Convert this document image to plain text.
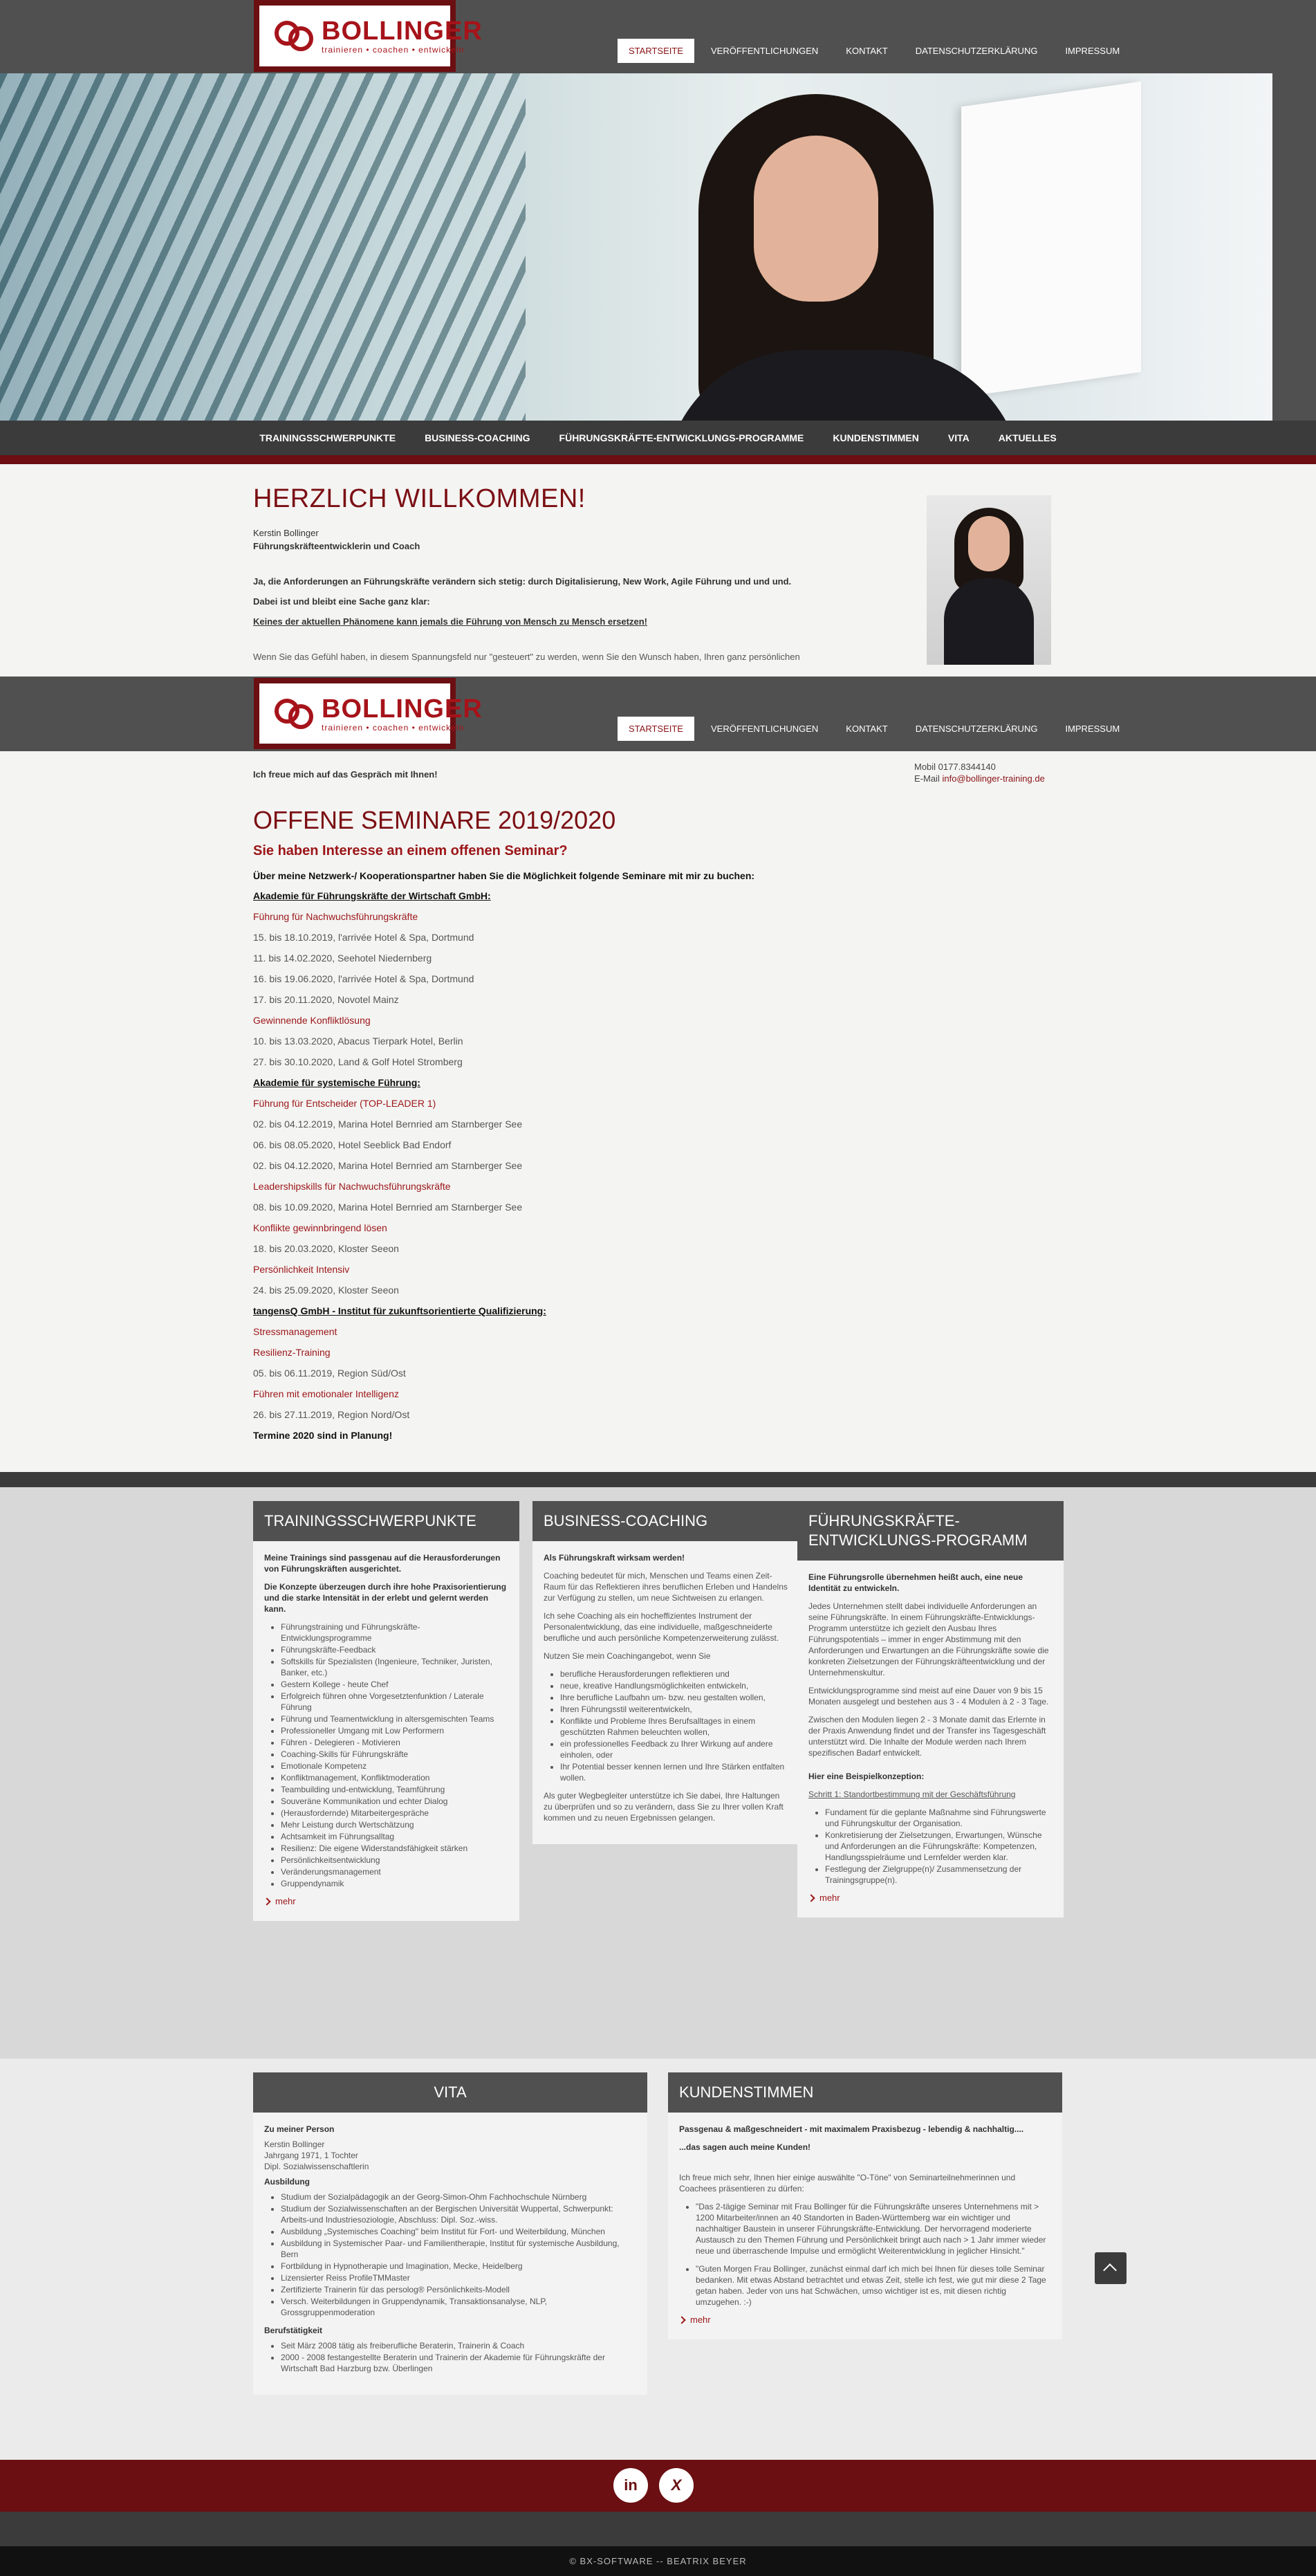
BOLLINGER
trainieren • coachen • entwickeln	STARTSEITE	VERÖFFENTLICHUNGEN	KONTAKT	DATENSCHUTZERKLÄRUNG	IMPRESSUM
TRAININGSSCHWERPUNKTE	BUSINESS-COACHING	FÜHRUNGSKRÄFTE-ENTWICKLUNGS-PROGRAMME	KUNDENSTIMMEN	VITA	AKTUELLES
HERZLICH WILLKOMMEN!
Kerstin Bollinger
Führungskräfteentwicklerin und Coach
Ja, die Anforderungen an Führungskräfte verändern sich stetig: durch Digitalisierung, New Work, Agile Führung und und und.
Dabei ist und bleibt eine Sache ganz klar:
Keines der aktuellen Phänomene kann jemals die Führung von Mensch zu Mensch ersetzen!
Wenn Sie das Gefühl haben, in diesem Spannungsfeld nur "gesteuert" zu werden, wenn Sie den Wunsch haben, Ihren ganz persönlichen
BOLLINGER
trainieren • coachen • entwickeln	STARTSEITE	VERÖFFENTLICHUNGEN	KONTAKT	DATENSCHUTZERKLÄRUNG	IMPRESSUM
Ich freue mich auf das Gespräch mit Ihnen!
Mobil 0177.8344140
E-Mail info@bollinger-training.de
OFFENE SEMINARE 2019/2020
Sie haben Interesse an einem offenen Seminar?
Über meine Netzwerk-/ Kooperationspartner haben Sie die Möglichkeit folgende Seminare mit mir zu buchen:
Akademie für Führungskräfte der Wirtschaft GmbH:
Führung für Nachwuchsführungskräfte
15. bis 18.10.2019, l'arrivée Hotel & Spa, Dortmund
11. bis 14.02.2020, Seehotel Niedernberg
16. bis 19.06.2020, l'arrivée Hotel & Spa, Dortmund
17. bis 20.11.2020, Novotel Mainz
Gewinnende Konfliktlösung
10. bis 13.03.2020, Abacus Tierpark Hotel, Berlin
27. bis 30.10.2020, Land & Golf Hotel Stromberg
Akademie für systemische Führung:
Führung für Entscheider (TOP-LEADER 1)
02. bis 04.12.2019, Marina Hotel Bernried am Starnberger See
06. bis 08.05.2020, Hotel Seeblick Bad Endorf
02. bis 04.12.2020, Marina Hotel Bernried am Starnberger See
Leadershipskills für Nachwuchsführungskräfte
08. bis 10.09.2020, Marina Hotel Bernried am Starnberger See
Konflikte gewinnbringend lösen
18. bis 20.03.2020, Kloster Seeon
Persönlichkeit Intensiv
24. bis 25.09.2020, Kloster Seeon
tangensQ GmbH - Institut für zukunftsorientierte Qualifizierung:
Stressmanagement
Resilienz-Training
05. bis 06.11.2019, Region Süd/Ost
Führen mit emotionaler Intelligenz
26. bis 27.11.2019, Region Nord/Ost
Termine 2020 sind in Planung!
TRAININGSSCHWERPUNKTE

Meine Trainings sind passgenau auf die Herausforderungen von Führungskräften ausgerichtet.

Die Konzepte überzeugen durch ihre hohe Praxisorientierung und die starke Intensität in der erlebt und gelernt werden kann.

• Führungstraining und Führungskräfte-Entwicklungsprogramme
• Führungskräfte-Feedback
• Softskills für Spezialisten (Ingenieure, Techniker, Juristen, Banker, etc.)
• Gestern Kollege - heute Chef
• Erfolgreich führen ohne Vorgesetztenfunktion / Laterale Führung
• Führung und Teamentwicklung in altersgemischten Teams
• Professioneller Umgang mit Low Performern
• Führen - Delegieren - Motivieren
• Coaching-Skills für Führungskräfte
• Emotionale Kompetenz
• Konfliktmanagement, Konfliktmoderation
• Teambuilding und-entwicklung, Teamführung
• Souveräne Kommunikation und echter Dialog
• (Herausfordernde) Mitarbeitergespräche
• Mehr Leistung durch Wertschätzung
• Achtsamkeit im Führungsalltag
• Resilienz: Die eigene Widerstandsfähigkeit stärken
• Persönlichkeitsentwicklung
• Veränderungsmanagement
• Gruppendynamik
mehr
BUSINESS-COACHING

Als Führungskraft wirksam werden!

Coaching bedeutet für mich, Menschen und Teams einen Zeit-Raum für das Reflektieren ihres beruflichen Erleben und Handelns zur Verfügung zu stellen, um neue Sichtweisen zu erlangen.

Ich sehe Coaching als ein hocheffizientes Instrument der Personalentwicklung, das eine individuelle, maßgeschneiderte berufliche und auch persönliche Kompetenzerweiterung zulässt.

Nutzen Sie mein Coachingangebot, wenn Sie

• berufliche Herausforderungen reflektieren und
• neue, kreative Handlungsmöglichkeiten entwickeln,
• Ihre berufliche Laufbahn um- bzw. neu gestalten wollen,
• Ihren Führungsstil weiterentwickeln,
• Konflikte und Probleme Ihres Berufsalltages in einem geschützten Rahmen beleuchten wollen,
• ein professionelles Feedback zu Ihrer Wirkung auf andere einholen, oder
• Ihr Potential besser kennen lernen und Ihre Stärken entfalten wollen.

Als guter Wegbegleiter unterstütze ich Sie dabei, Ihre Haltungen zu überprüfen und so zu verändern, dass Sie zu Ihrer vollen Kraft kommen und zu neuen Ergebnissen gelangen.

FÜHRUNGSKRÄFTE-ENTWICKLUNGS-PROGRAMM

Eine Führungsrolle übernehmen heißt auch, eine neue Identität zu entwickeln.

Jedes Unternehmen stellt dabei individuelle Anforderungen an seine Führungskräfte. In einem Führungskräfte-Entwicklungs-Programm unterstütze ich gezielt den Ausbau Ihres Führungspotentials – immer in enger Abstimmung mit den Anforderungen und Erwartungen an die Führungskräfte sowie die konkreten Zielsetzungen der Führungskräfteentwicklung und der Unternehmenskultur.

Entwicklungsprogramme sind meist auf eine Dauer von 9 bis 15 Monaten ausgelegt und bestehen aus 3 - 4 Modulen à 2 - 3 Tage.

Zwischen den Modulen liegen 2 - 3 Monate damit das Erlernte in der Praxis Anwendung findet und der Transfer ins Tagesgeschäft unterstützt wird. Die Inhalte der Module werden nach Ihrem spezifischen Badarf entwickelt.

Hier eine Beispielkonzeption:

Schritt 1: Standortbestimmung mit der Geschäftsführung

• Fundament für die geplante Maßnahme sind Führungswerte und Führungskultur der Organisation.
• Konkretisierung der Zielsetzungen, Erwartungen, Wünsche und Anforderungen an die Führungskräfte: Kompetenzen, Handlungsspielräume und Lernfelder werden klar.
• Festlegung der Zielgruppe(n)/ Zusammensetzung der Trainingsgruppe(n).
mehr
VITA

Zu meiner Person

Kerstin Bollinger
Jahrgang 1971, 1 Tochter
Dipl. Sozialwissenschaftlerin

Ausbildung

• Studium der Sozialpädagogik an der Georg-Simon-Ohm Fachhochschule Nürnberg
• Studium der Sozialwissenschaften an der Bergischen Universität Wuppertal, Schwerpunkt: Arbeits-und Industriesoziologie, Abschluss: Dipl. Soz.-wiss.
• Ausbildung „Systemisches Coaching" beim Institut für Fort- und Weiterbildung, München
• Ausbildung in Systemischer Paar- und Familientherapie, Institut für systemische Ausbildung, Bern
• Fortbildung in Hypnotherapie und Imagination, Mecke, Heidelberg
• Lizensierter Reiss ProfileTMMaster
• Zertifizierte Trainerin für das persolog® Persönlichkeits-Modell
• Versch. Weiterbildungen in Gruppendynamik, Transaktionsanalyse, NLP, Grossgruppenmoderation

Berufstätigkeit

• Seit März 2008 tätig als freiberufliche Beraterin, Trainerin & Coach
• 2000 - 2008 festangestellte Beraterin und Trainerin der Akademie für Führungskräfte der Wirtschaft Bad Harzburg bzw. Überlingen
KUNDENSTIMMEN

Passgenau & maßgeschneidert - mit maximalem Praxisbezug - lebendig & nachhaltig....

...das sagen auch meine Kunden!

Ich freue mich sehr, Ihnen hier einige auswählte "O-Töne" von Seminarteilnehmerinnen und Coachees präsentieren zu dürfen:

• "Das 2-tägige Seminar mit Frau Bollinger für die Führungskräfte unseres Unternehmens mit > 1200 Mitarbeiter/innen an 40 Standorten in Baden-Württemberg war ein wichtiger und nachhaltiger Baustein in unserer Führungskräfte-Entwicklung. Der hervorragend moderierte Austausch zu den Themen Führung und Persönlichkeit bringt auch nach > 1 Jahr immer wieder neue und überraschende Impulse und ermöglicht Weiterentwicklung in jeglicher Hinsicht."
• "Guten Morgen Frau Bollinger, zunächst einmal darf ich mich bei Ihnen für dieses tolle Seminar bedanken. Mit etwas Abstand betrachtet und etwas Zeit, stelle ich fest, wie gut mir diese 2 Tage getan haben. Jeder von uns hat Schwächen, umso wichtiger ist es, mit diesen richtig umzugehen. :-)
mehr
in	X
© BX-SOFTWARE -- BEATRIX BEYER
